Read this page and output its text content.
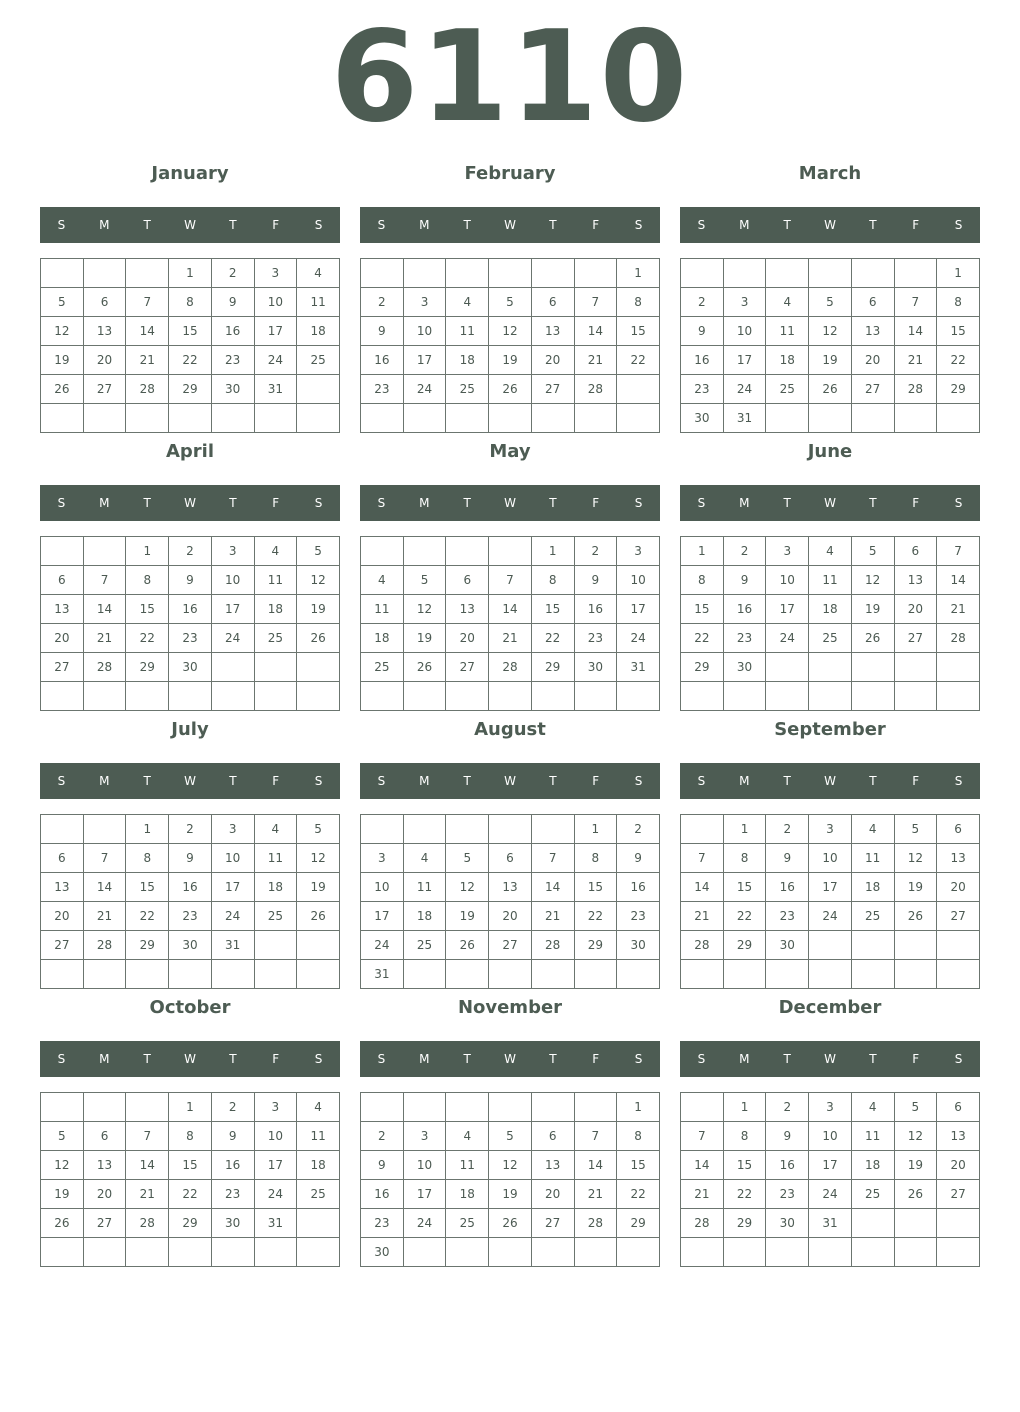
6110
January
S	M	T	W	T	F	S
			1	2	3	4
5	6	7	8	9	10	11
12	13	14	15	16	17	18
19	20	21	22	23	24	25
26	27	28	29	30	31	

February
S	M	T	W	T	F	S
						1
2	3	4	5	6	7	8
9	10	11	12	13	14	15
16	17	18	19	20	21	22
23	24	25	26	27	28	

March
S	M	T	W	T	F	S
						1
2	3	4	5	6	7	8
9	10	11	12	13	14	15
16	17	18	19	20	21	22
23	24	25	26	27	28	29
30	31					
April
S	M	T	W	T	F	S
		1	2	3	4	5
6	7	8	9	10	11	12
13	14	15	16	17	18	19
20	21	22	23	24	25	26
27	28	29	30			

May
S	M	T	W	T	F	S
				1	2	3
4	5	6	7	8	9	10
11	12	13	14	15	16	17
18	19	20	21	22	23	24
25	26	27	28	29	30	31

June
S	M	T	W	T	F	S
1	2	3	4	5	6	7
8	9	10	11	12	13	14
15	16	17	18	19	20	21
22	23	24	25	26	27	28
29	30					

July
S	M	T	W	T	F	S
		1	2	3	4	5
6	7	8	9	10	11	12
13	14	15	16	17	18	19
20	21	22	23	24	25	26
27	28	29	30	31		

August
S	M	T	W	T	F	S
					1	2
3	4	5	6	7	8	9
10	11	12	13	14	15	16
17	18	19	20	21	22	23
24	25	26	27	28	29	30
31						
September
S	M	T	W	T	F	S
	1	2	3	4	5	6
7	8	9	10	11	12	13
14	15	16	17	18	19	20
21	22	23	24	25	26	27
28	29	30				

October
S	M	T	W	T	F	S
			1	2	3	4
5	6	7	8	9	10	11
12	13	14	15	16	17	18
19	20	21	22	23	24	25
26	27	28	29	30	31	

November
S	M	T	W	T	F	S
						1
2	3	4	5	6	7	8
9	10	11	12	13	14	15
16	17	18	19	20	21	22
23	24	25	26	27	28	29
30						
December
S	M	T	W	T	F	S
	1	2	3	4	5	6
7	8	9	10	11	12	13
14	15	16	17	18	19	20
21	22	23	24	25	26	27
28	29	30	31			
